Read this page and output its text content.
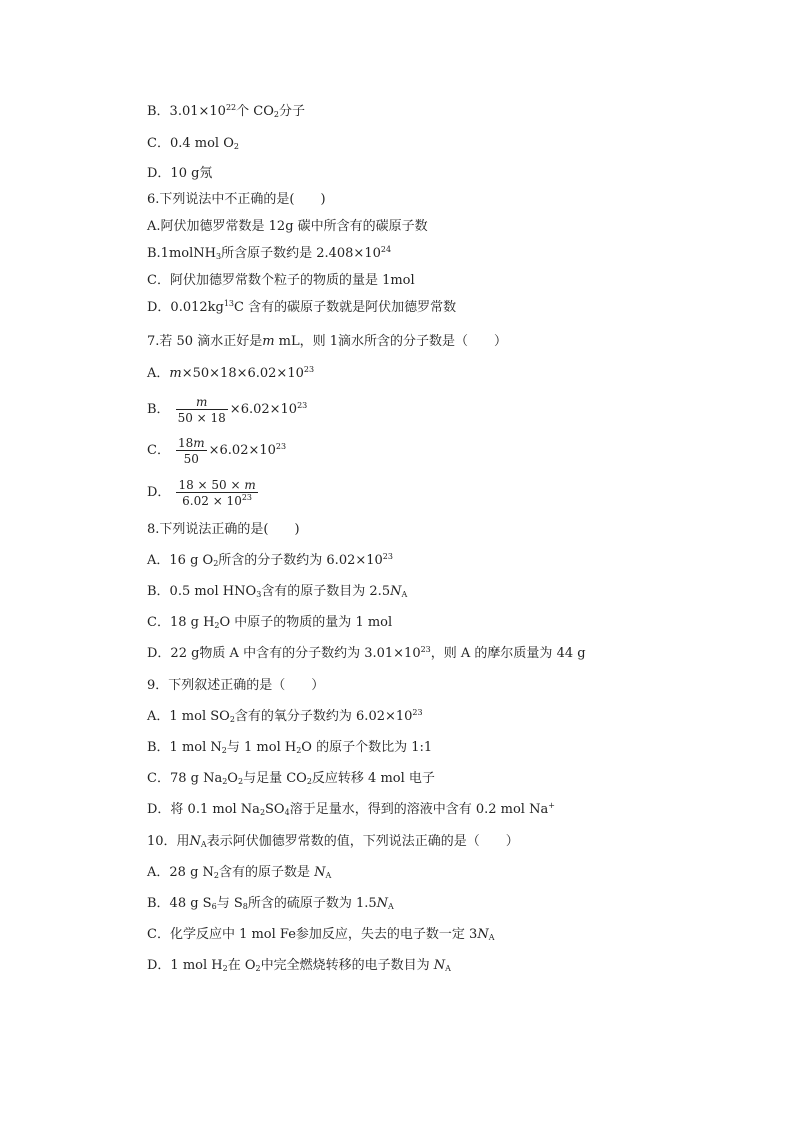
B．$3.01\times 10^{22}$个 $CO_2$分子
C．0.4 mol $O_2$
D．10 g氖
6.下列说法中不正确的是(　　)
A.阿伏加德罗常数是 12g 碳中所含有的碳原子数
B.1molNH$_3$所含原子数约是 $2.408\times 10^{24}$
C．阿伏加德罗常数个粒子的物质的量是 1mol
D．$0.012kg^{13}C$ 含有的碳原子数就是阿伏加德罗常数
7.若 50 滴水正好是m mL，则 1滴水所含的分子数是（　　）
A．$m\times 50\times 18\times 6.02\times 10^{23}$
B． $\frac{m}{50 \times 18} \times 6.02\times 10^{23}$
C． $\frac{18m}{50} \times 6.02\times 10^{23}$
D． $\frac{18 \times 50 \times m}{6.02 \times 10^{23}}$
8.下列说法正确的是(　　)
A．16 g $O_2$所含的分子数约为 $6.02\times 10^{23}$
B．0.5 mol $HNO_3$含有的原子数目为 $2.5N_A$
C．18 g $H_2O$ 中原子的物质的量为 1 mol
D．22 g物质 A 中含有的分子数约为 $3.01\times 10^{23}$，则 A 的摩尔质量为 44 g
9．下列叙述正确的是（　　）
A．1 mol $SO_2$含有的氧分子数约为 $6.02\times 10^{23}$
B．1 mol $N_2$与 1 mol $H_2O$ 的原子个数比为 1:1
C．78 g $Na_2O_2$与足量 $CO_2$反应转移 4 mol 电子
D．将 0.1 mol $Na_2SO_4$溶于足量水，得到的溶液中含有 0.2 mol Na+
10．用$N_A$表示阿伏伽德罗常数的值，下列说法正确的是（　　）
A．28 g $N_2$含有的原子数是 $N_A$
B．48 g $S_6$与 $S_8$所含的硫原子数为 $1.5N_A$
C．化学反应中 1 mol Fe参加反应，失去的电子数一定 $3N_A$
D．1 mol $H_2$在 $O_2$中完全燃烧转移的电子数目为 $N_A$
